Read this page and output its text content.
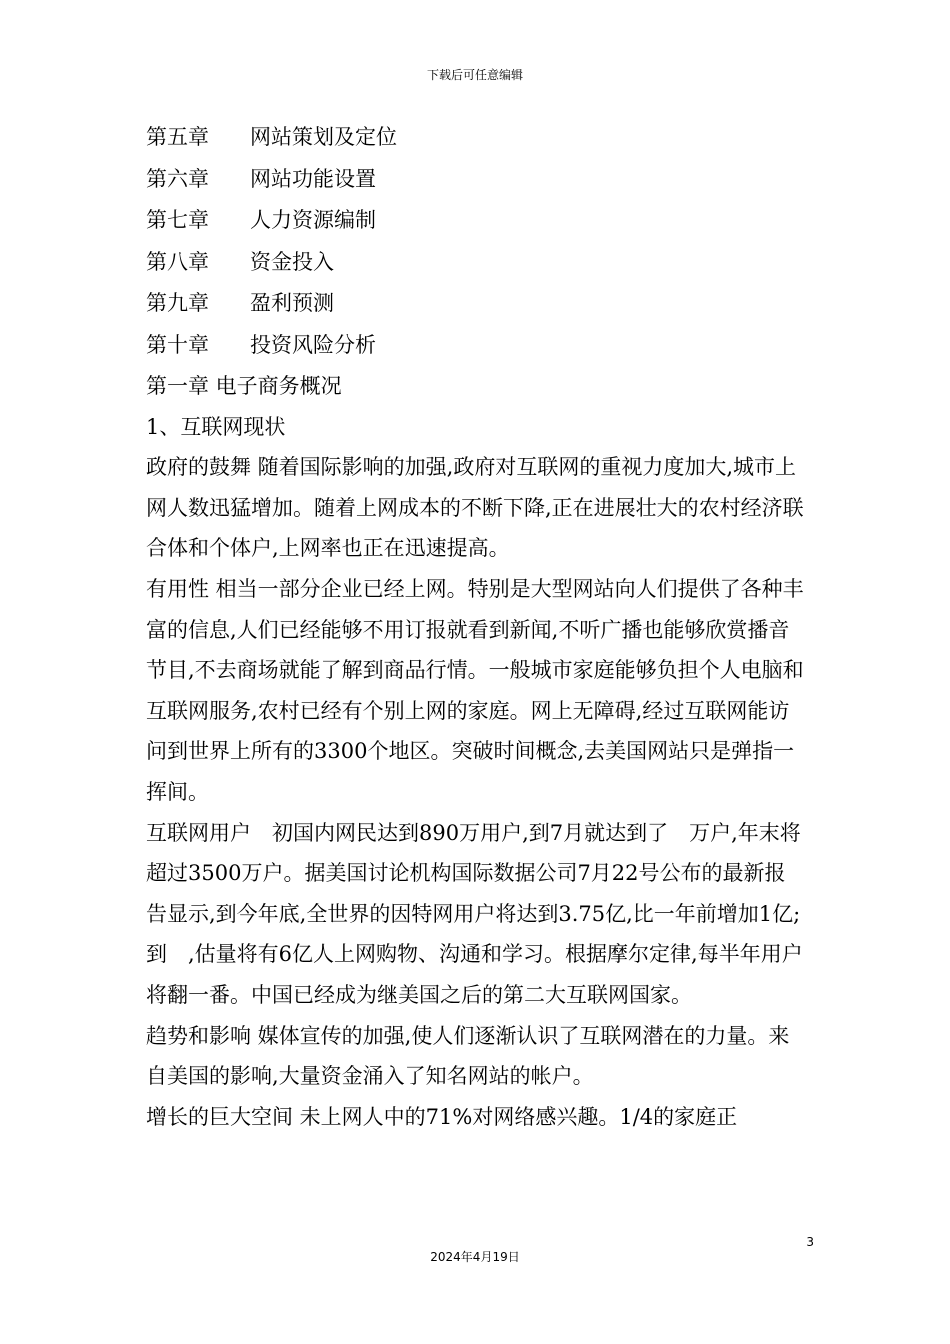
下载后可任意编辑
第五章 网站策划及定位
第六章 网站功能设置
第七章 人力资源编制
第八章 资金投入
第九章 盈利预测
第十章 投资风险分析

第一章 电子商务概况

1、互联网现状

政府的鼓舞 随着国际影响的加强,政府对互联网的重视力度加大,城市上网人数迅猛增加。随着上网成本的不断下降,正在进展壮大的农村经济联合体和个体户,上网率也正在迅速提高。

有用性 相当一部分企业已经上网。特别是大型网站向人们提供了各种丰富的信息,人们已经能够不用订报就看到新闻,不听广播也能够欣赏播音节目,不去商场就能了解到商品行情。一般城市家庭能够负担个人电脑和互联网服务,农村已经有个别上网的家庭。网上无障碍,经过互联网能访问到世界上所有的3300个地区。突破时间概念,去美国网站只是弹指一挥间。

互联网用户　初国内网民达到890万用户,到7月就达到了　万户,年末将超过3500万户。据美国讨论机构国际数据公司7月22号公布的最新报告显示,到今年底,全世界的因特网用户将达到3.75亿,比一年前增加1亿;到　,估量将有6亿人上网购物、沟通和学习。根据摩尔定律,每半年用户将翻一番。中国已经成为继美国之后的第二大互联网国家。

趋势和影响 媒体宣传的加强,使人们逐渐认识了互联网潜在的力量。来自美国的影响,大量资金涌入了知名网站的帐户。

增长的巨大空间 未上网人中的71%对网络感兴趣。1/4的家庭正

3
2024年4月19日
